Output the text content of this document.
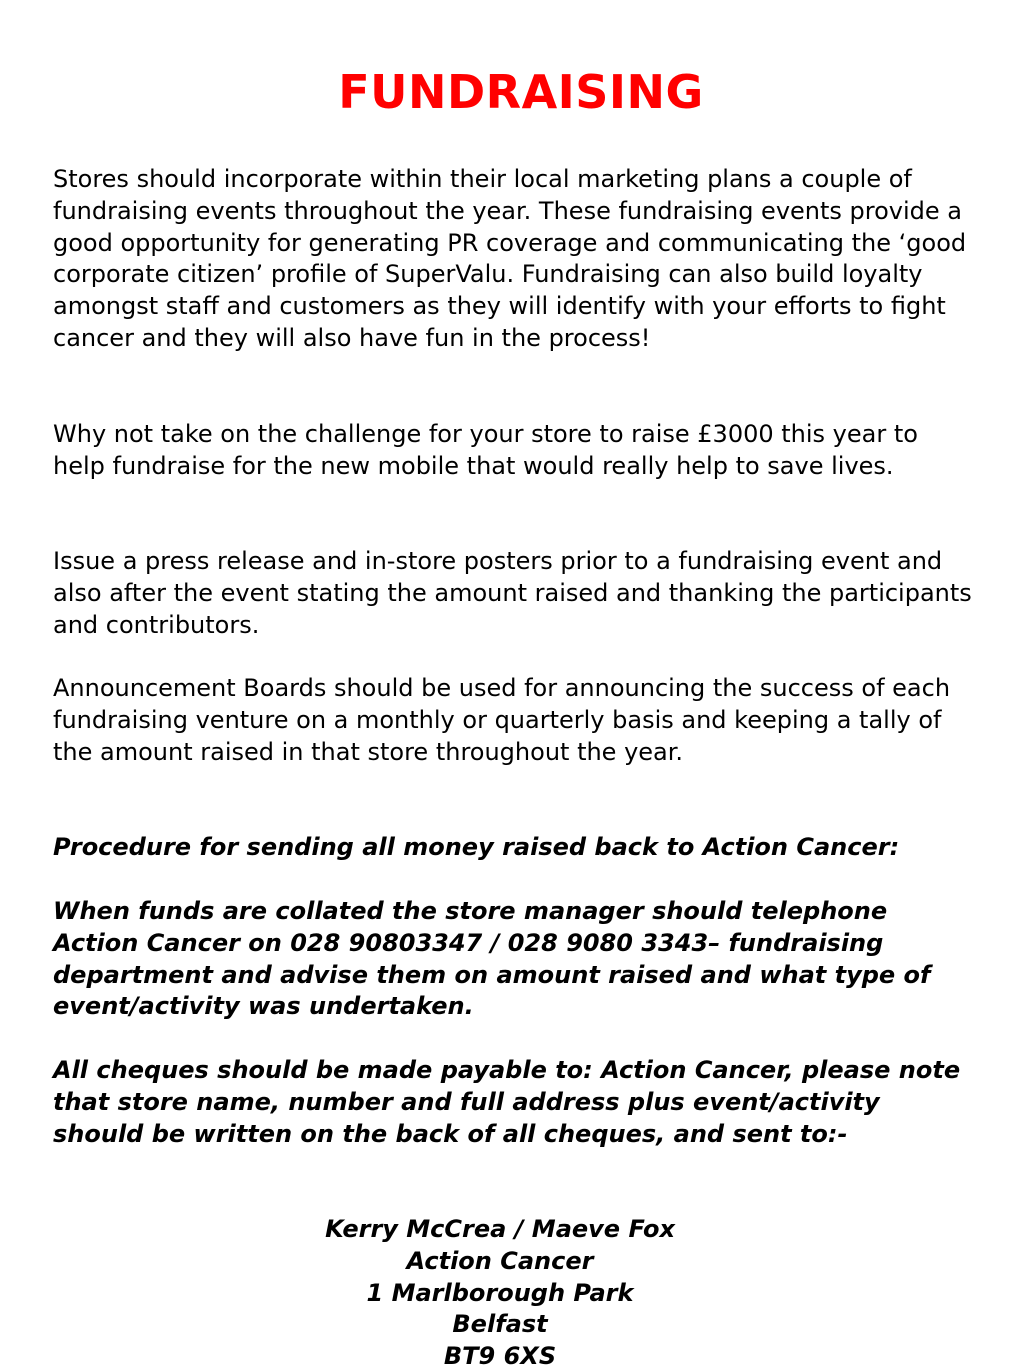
FUNDRAISING

Stores should incorporate within their local marketing plans a couple of fundraising events throughout the year. These fundraising events provide a good opportunity for generating PR coverage and communicating the ‘good corporate citizen’ profile of SuperValu. Fundraising can also build loyalty amongst staff and customers as they will identify with your efforts to fight cancer and they will also have fun in the process!

Why not take on the challenge for your store to raise £3000 this year to help fundraise for the new mobile that would really help to save lives.

Issue a press release and in-store posters prior to a fundraising event and also after the event stating the amount raised and thanking the participants and contributors.

Announcement Boards should be used for announcing the success of each fundraising venture on a monthly or quarterly basis and keeping a tally of the amount raised in that store throughout the year.

Procedure for sending all money raised back to Action Cancer:

When funds are collated the store manager should telephone Action Cancer on 028 90803347 / 028 9080 3343– fundraising department and advise them on amount raised and what type of event/activity was undertaken.

All cheques should be made payable to: Action Cancer, please note that store name, number and full address plus event/activity should be written on the back of all cheques, and sent to:-

Kerry McCrea / Maeve Fox
Action Cancer
1 Marlborough Park
Belfast
BT9 6XS
